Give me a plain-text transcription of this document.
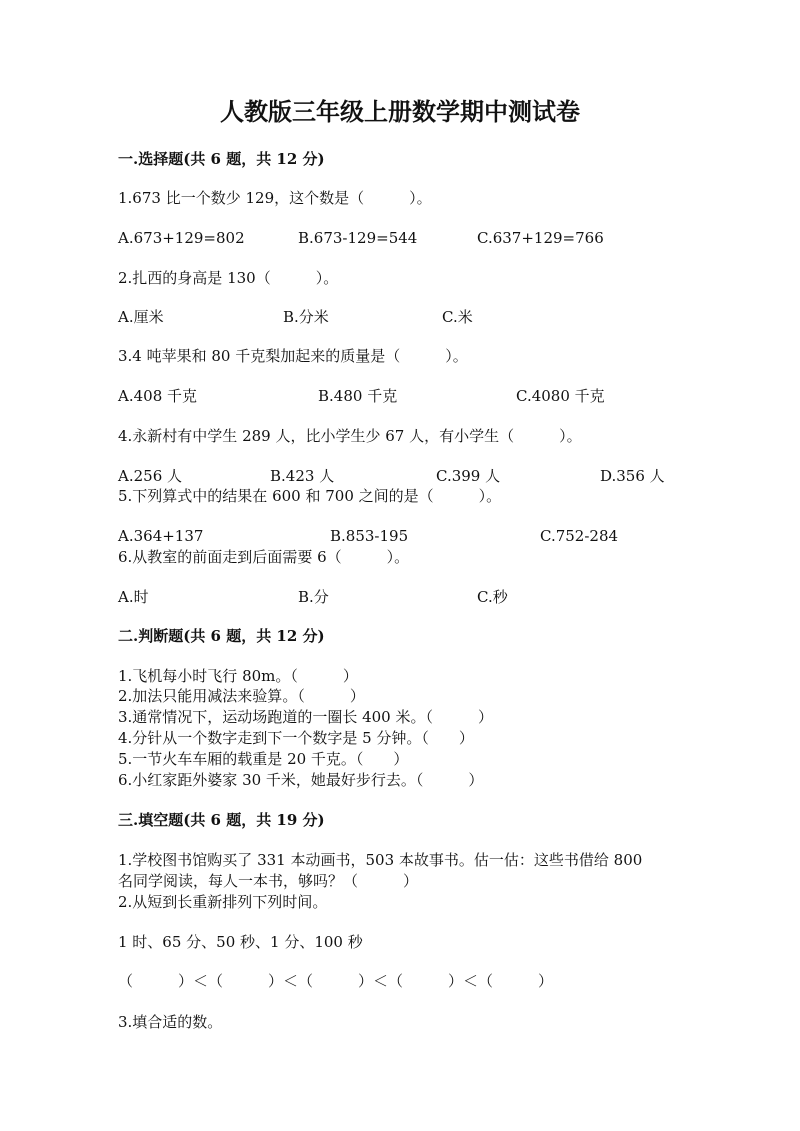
人教版三年级上册数学期中测试卷
一.选择题(共 6 题，共 12 分)
1.673 比一个数少 129，这个数是（　　　）。
A.673+129=802	B.673-129=544	C.637+129=766
2.扎西的身高是 130（　　　）。
A.厘米	B.分米	C.米
3.4 吨苹果和 80 千克梨加起来的质量是（　　　）。
A.408 千克	B.480 千克	C.4080 千克
4.永新村有中学生 289 人，比小学生少 67 人，有小学生（　　　）。
A.256 人	B.423 人	C.399 人	D.356 人
5.下列算式中的结果在 600 和 700 之间的是（　　　）。
A.364+137	B.853-195	C.752-284
6.从教室的前面走到后面需要 6（　　　）。
A.时	B.分	C.秒
二.判断题(共 6 题，共 12 分)
1.飞机每小时飞行 80m。（　　　）
2.加法只能用减法来验算。（　　　）
3.通常情况下，运动场跑道的一圈长 400 米。（　　　）
4.分针从一个数字走到下一个数字是 5 分钟。（　　）
5.一节火车车厢的载重是 20 千克。（　　）
6.小红家距外婆家 30 千米，她最好步行去。（　　　）
三.填空题(共 6 题，共 19 分)
1.学校图书馆购买了 331 本动画书，503 本故事书。估一估：这些书借给 800
名同学阅读，每人一本书，够吗？（　　　）
2.从短到长重新排列下列时间。
1 时、65 分、50 秒、1 分、100 秒
（　　　）＜（　　　）＜（　　　）＜（　　　）＜（　　　）
3.填合适的数。
